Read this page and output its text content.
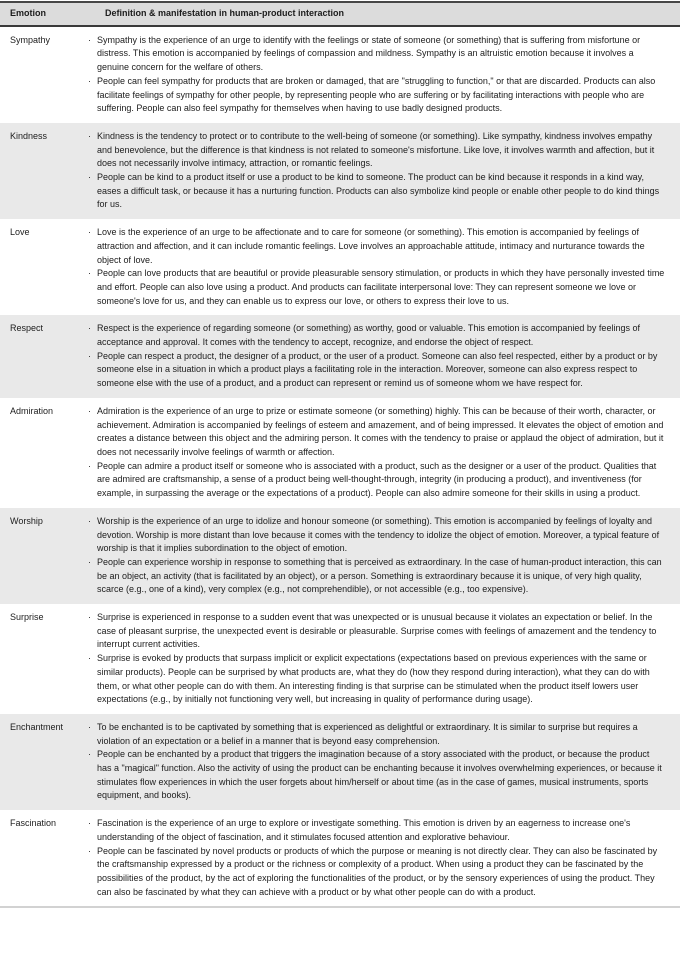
Emotion	Definition & manifestation in human-product interaction
Sympathy	· Sympathy is the experience of an urge to identify with the feelings or state of someone (or something) that is suffering from misfortune or distress. This emotion is accompanied by feelings of compassion and mildness. Sympathy is an altruistic emotion because it involves a genuine concern for the welfare of others.
· People can feel sympathy for products that are broken or damaged, that are "struggling to function," or that are discarded. Products can also facilitate feelings of sympathy for other people, by representing people who are suffering or by facilitating interactions with people who are suffering. People can also feel sympathy for themselves when having to use badly designed products.
Kindness	· Kindness is the tendency to protect or to contribute to the well-being of someone (or something). Like sympathy, kindness involves empathy and benevolence, but the difference is that kindness is not related to someone's misfortune. Like love, it involves warmth and affection, but it does not necessarily involve intimacy, attraction, or romantic feelings.
· People can be kind to a product itself or use a product to be kind to someone. The product can be kind because it responds in a kind way, eases a difficult task, or because it has a nurturing function. Products can also symbolize kind people or enable other people to do kind things for us.
Love	· Love is the experience of an urge to be affectionate and to care for someone (or something). This emotion is accompanied by feelings of attraction and affection, and it can include romantic feelings. Love involves an approachable attitude, intimacy and nurturance towards the object of love.
· People can love products that are beautiful or provide pleasurable sensory stimulation, or products in which they have personally invested time and effort. People can also love using a product. And products can facilitate interpersonal love: They can represent someone we love or someone's love for us, and they can enable us to express our love, or others to express their love to us.
Respect	· Respect is the experience of regarding someone (or something) as worthy, good or valuable. This emotion is accompanied by feelings of acceptance and approval. It comes with the tendency to accept, recognize, and endorse the object of respect.
· People can respect a product, the designer of a product, or the user of a product. Someone can also feel respected, either by a product or by someone else in a situation in which a product plays a facilitating role in the interaction. Moreover, someone can also express respect to someone else with the use of a product, and a product can represent or remind us of someone whom we have respect for.
Admiration	· Admiration is the experience of an urge to prize or estimate someone (or something) highly. This can be because of their worth, character, or achievement. Admiration is accompanied by feelings of esteem and amazement, and of being impressed. It elevates the object of emotion and creates a distance between this object and the admiring person. It comes with the tendency to praise or applaud the object of admiration, but it does not necessarily involve feelings of warmth or affection.
· People can admire a product itself or someone who is associated with a product, such as the designer or a user of the product. Qualities that are admired are craftsmanship, a sense of a product being well-thought-through, integrity (in producing a product), and inventiveness (for example, in surpassing the average or the expectations of a product). People can also admire someone for their skills in using a product.
Worship	· Worship is the experience of an urge to idolize and honour someone (or something). This emotion is accompanied by feelings of loyalty and devotion. Worship is more distant than love because it comes with the tendency to idolize the object of emotion. Moreover, a typical feature of worship is that it implies subordination to the object of emotion.
· People can experience worship in response to something that is perceived as extraordinary. In the case of human-product interaction, this can be an object, an activity (that is facilitated by an object), or a person. Something is extraordinary because it is unique, of very high quality, scarce (e.g., one of a kind), very complex (e.g., not comprehendible), or not accessible (e.g., too expensive).
Surprise	· Surprise is experienced in response to a sudden event that was unexpected or is unusual because it violates an expectation or belief. In the case of pleasant surprise, the unexpected event is desirable or pleasurable. Surprise comes with feelings of amazement and the tendency to interrupt current activities.
· Surprise is evoked by products that surpass implicit or explicit expectations (expectations based on previous experiences with the same or similar products). People can be surprised by what products are, what they do (how they respond during interaction), what they can do with them, or what other people can do with them. An interesting finding is that surprise can be stimulated when the product itself lowers user expectations (e.g., by initially not functioning very well, but increasing in quality of performance during usage).
Enchantment	· To be enchanted is to be captivated by something that is experienced as delightful or extraordinary. It is similar to surprise but requires a violation of an expectation or a belief in a manner that is beyond easy comprehension.
· People can be enchanted by a product that triggers the imagination because of a story associated with the product, or because the product has a "magical" function. Also the activity of using the product can be enchanting because it involves overwhelming experiences, or because it stimulates flow experiences in which the user forgets about him/herself or about time (as in the case of games, musical instruments, sports equipment, and books).
Fascination	· Fascination is the experience of an urge to explore or investigate something. This emotion is driven by an eagerness to increase one's understanding of the object of fascination, and it stimulates focused attention and explorative behaviour.
· People can be fascinated by novel products or products of which the purpose or meaning is not directly clear. They can also be fascinated by the craftsmanship expressed by a product or the richness or complexity of a product. When using a product they can be fascinated by the possibilities of the product, by the act of exploring the functionalities of the product, or by the sensory experiences of using the product. They can also be fascinated by what they can achieve with a product or by what other people can do with a product.
